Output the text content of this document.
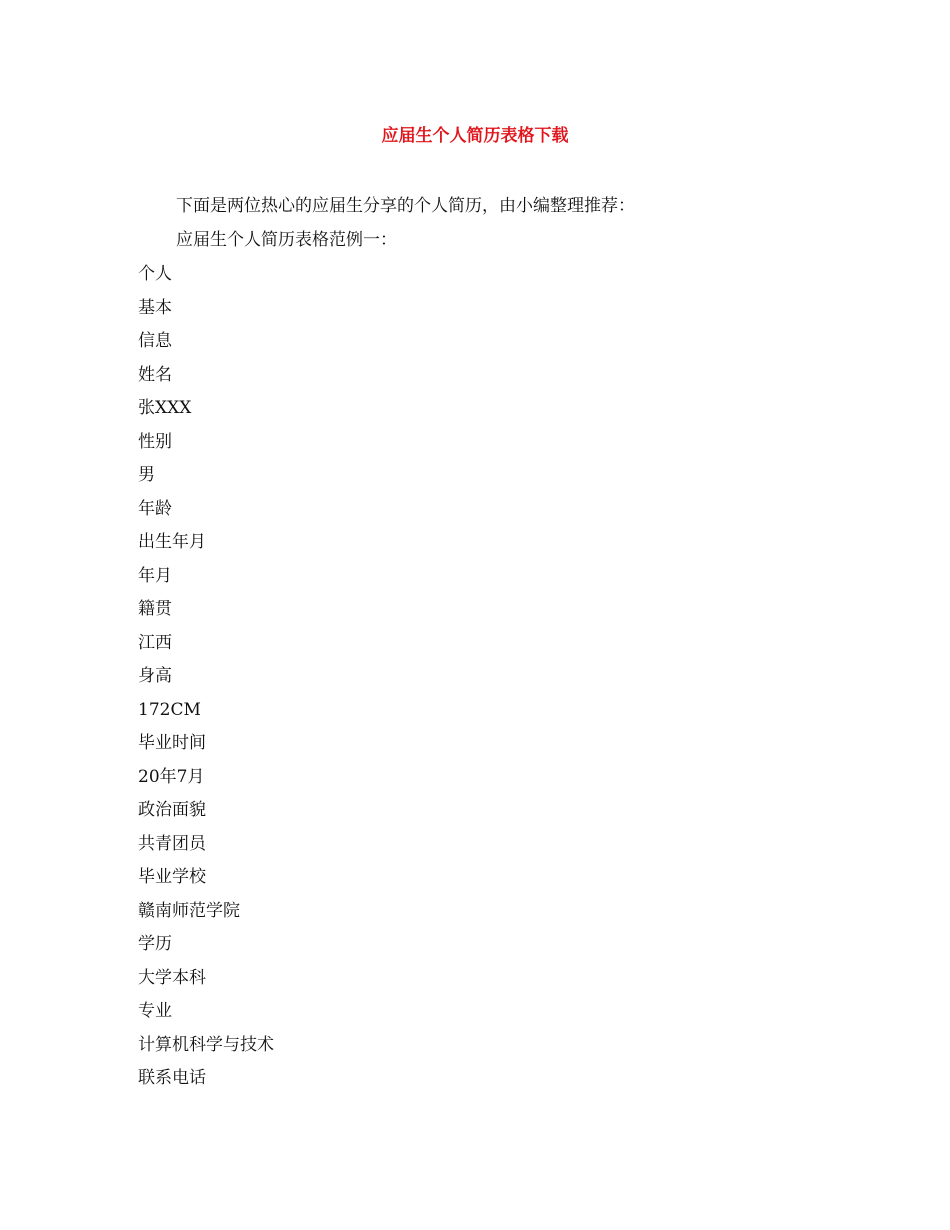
应届生个人简历表格下载
下面是两位热心的应届生分享的个人简历，由小编整理推荐：
应届生个人简历表格范例一：
个人
基本
信息
姓名
张XXX
性别
男
年龄
出生年月
年月
籍贯
江西
身高
172CM
毕业时间
20年7月
政治面貌
共青团员
毕业学校
赣南师范学院
学历
大学本科
专业
计算机科学与技术
联系电话
